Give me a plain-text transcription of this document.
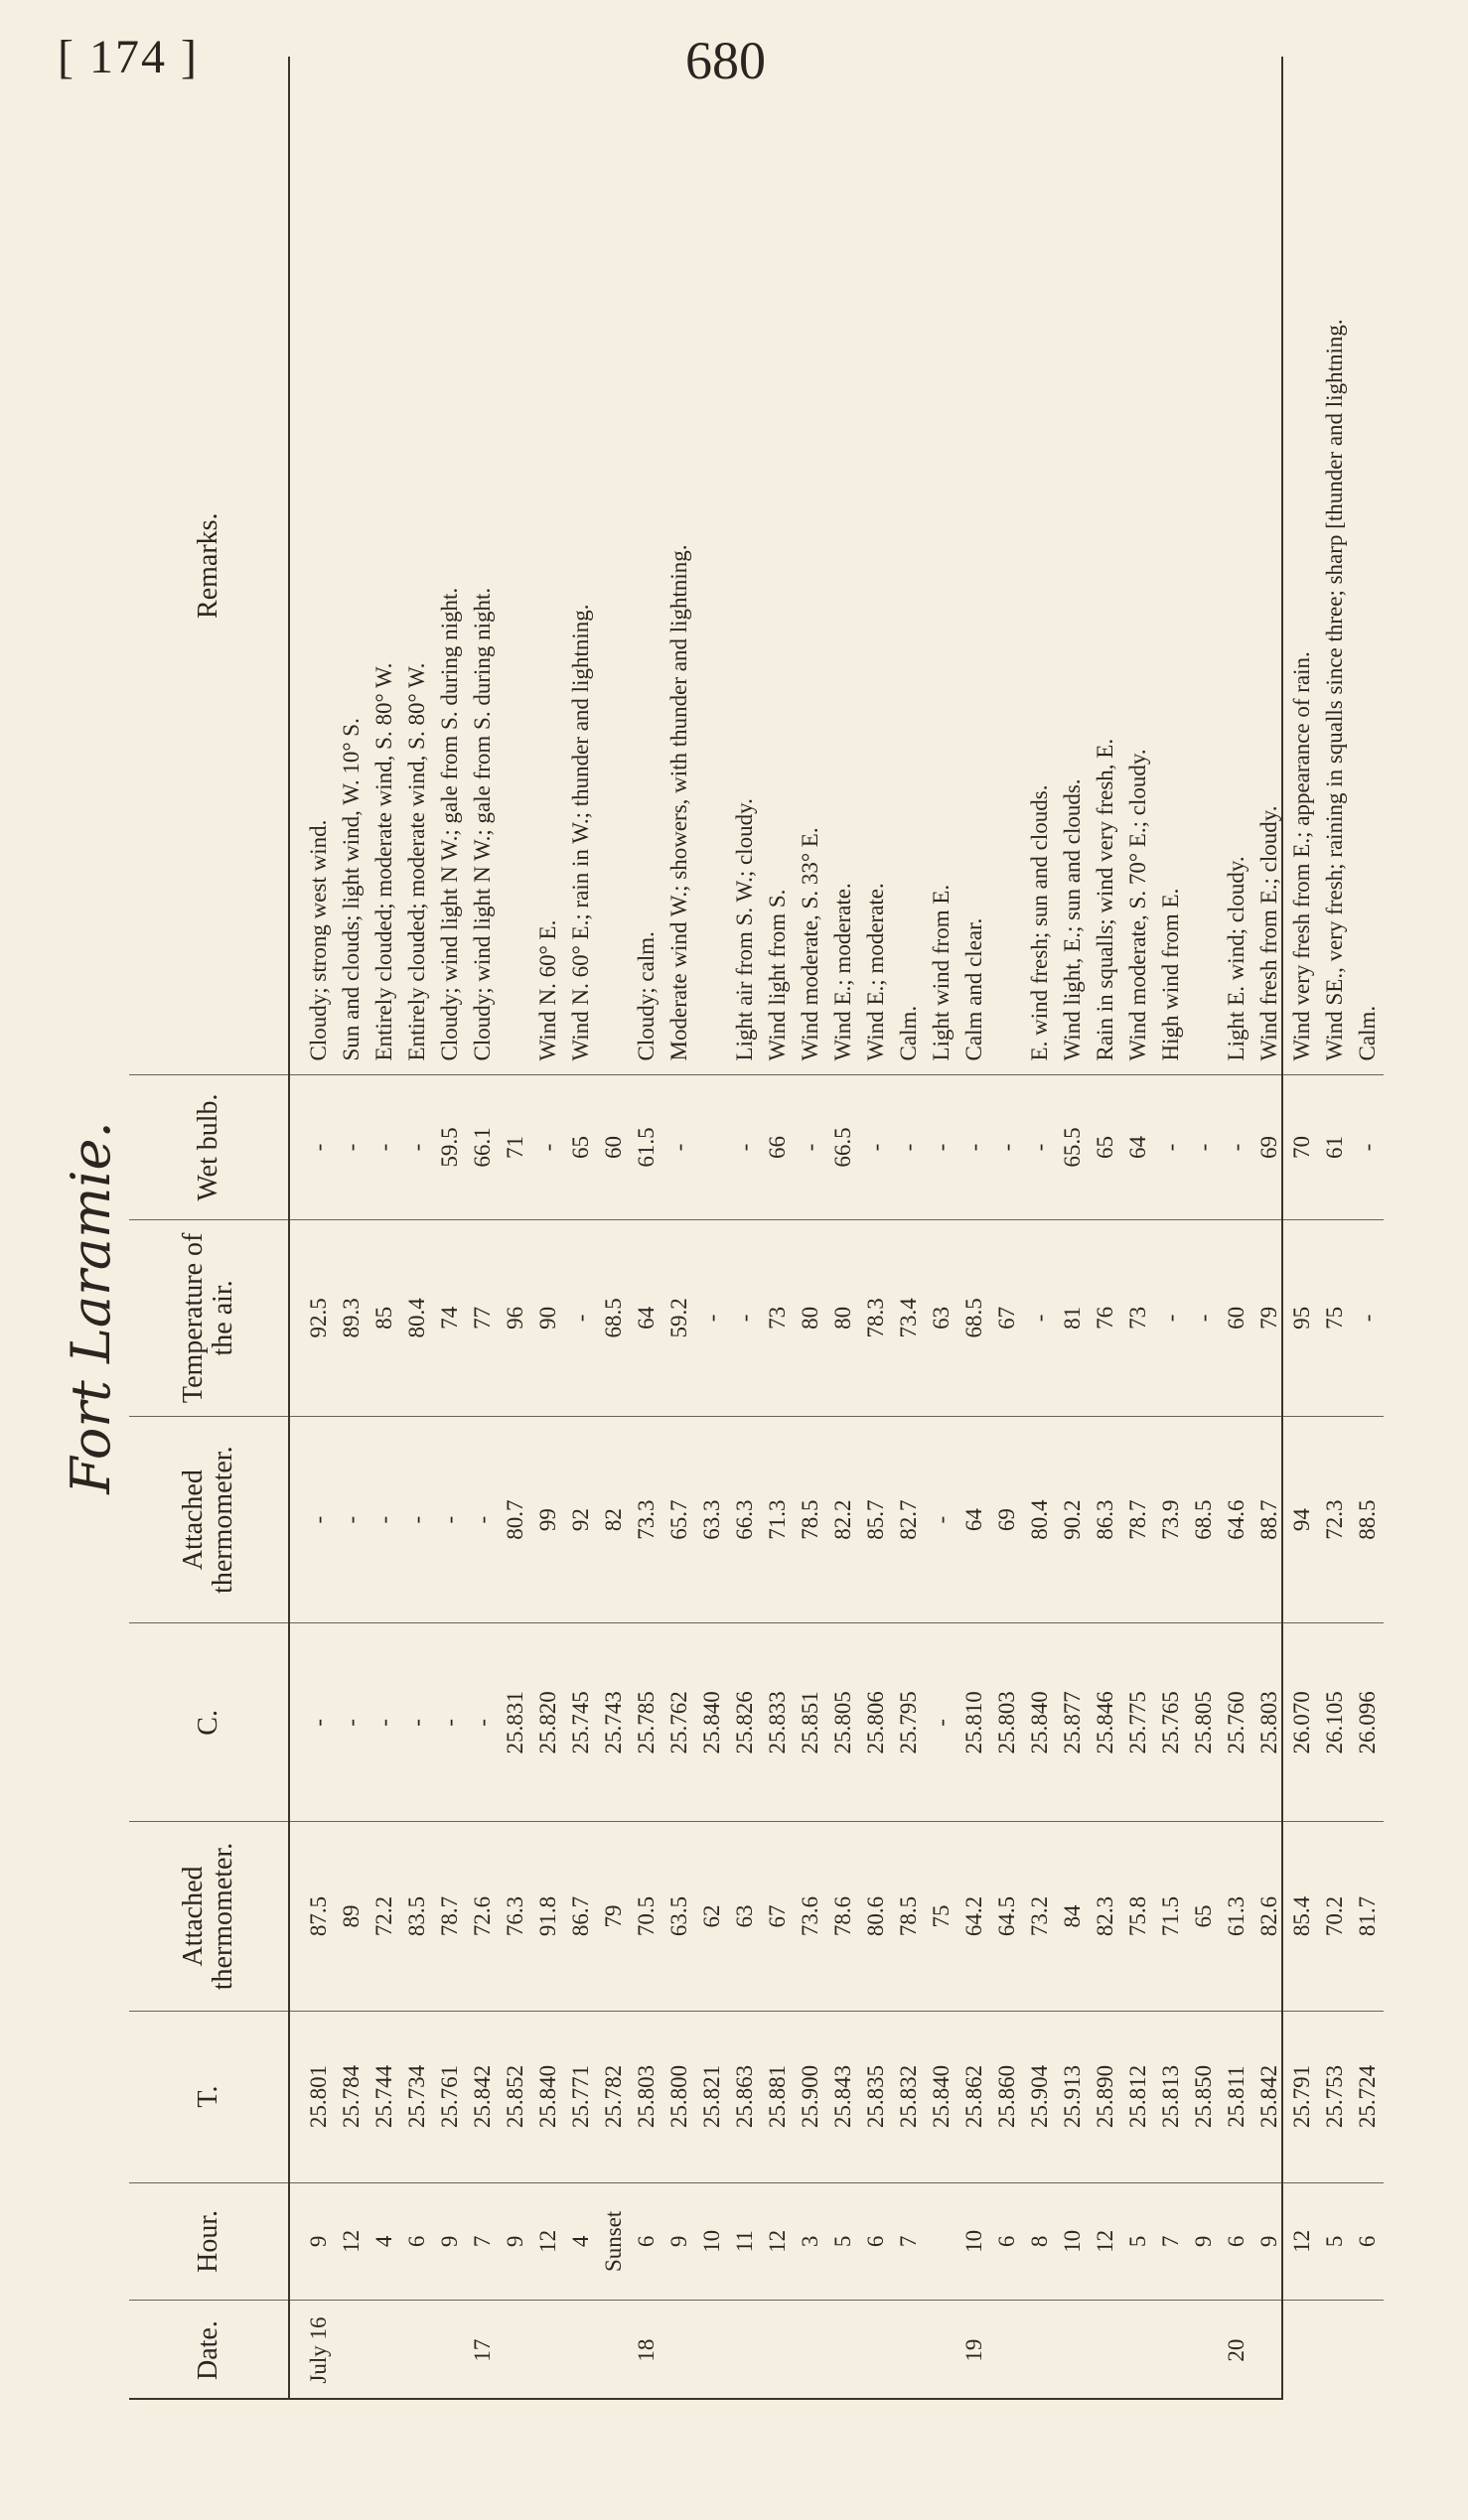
[ 174 ]	680
Fort Laramie.
Date.	Hour.	T.	Attached thermometer.	C.	Attached thermometer.	Temperature of the air.	Wet bulb.	Remarks.
July 16	9	25.801	87.5	-	-	92.5	-	Cloudy; strong west wind.
	12	25.784	89	-	-	89.3	-	Sun and clouds; light wind, W. 10° S.
	4	25.744	72.2	-	-	85	-	Entirely clouded; moderate wind, S. 80° W.
	6	25.734	83.5	-	-	80.4	-	Entirely clouded; moderate wind, S. 80° W.
	9	25.761	78.7	-	-	74	59.5	Cloudy; wind light N W.; gale from S. during night.
17	7	25.842	72.6	-	-	77	66.1	Cloudy; wind light N W.; gale from S. during night.
	9	25.852	76.3	25.831	80.7	96	71	
	12	25.840	91.8	25.820	99	90	-	Wind N. 60° E.
	4	25.771	86.7	25.745	92	-	65	Wind N. 60° E.; rain in W.; thunder and lightning.
	Sunset	25.782	79	25.743	82	68.5	60	
18	6	25.803	70.5	25.785	73.3	64	61.5	Cloudy; calm.
	9	25.800	63.5	25.762	65.7	59.2	-	Moderate wind W.; showers, with thunder and lightning.
	10	25.821	62	25.840	63.3	-		
	11	25.863	63	25.826	66.3	-	-	Light air from S. W.; cloudy.
	12	25.881	67	25.833	71.3	73	66	Wind light from S.
	3	25.900	73.6	25.851	78.5	80	-	Wind moderate, S. 33° E.
	5	25.843	78.6	25.805	82.2	80	66.5	Wind E.; moderate.
	6	25.835	80.6	25.806	85.7	78.3	-	Wind E.; moderate.
	7	25.832	78.5	25.795	82.7	73.4	-	Calm.
		25.840	75	-	-	63	-	Light wind from E.
19	10	25.862	64.2	25.810	64	68.5	-	Calm and clear.
	6	25.860	64.5	25.803	69	67	-	
	8	25.904	73.2	25.840	80.4	-	-	E. wind fresh; sun and clouds.
	10	25.913	84	25.877	90.2	81	65.5	Wind light, E.; sun and clouds.
	12	25.890	82.3	25.846	86.3	76	65	Rain in squalls; wind very fresh, E.
	5	25.812	75.8	25.775	78.7	73	64	Wind moderate, S. 70° E.; cloudy.
	7	25.813	71.5	25.765	73.9	-	-	High wind from E.
	9	25.850	65	25.805	68.5	-	-	
20	6	25.811	61.3	25.760	64.6	60	-	Light E. wind; cloudy.
	9	25.842	82.6	25.803	88.7	79	69	Wind fresh from E.; cloudy.
	12	25.791	85.4	26.070	94	95	70	Wind very fresh from E.; appearance of rain.
	5	25.753	70.2	26.105	72.3	75	61	Wind SE., very fresh; raining in squalls since three; sharp [thunder and lightning.
	6	25.724	81.7	26.096	88.5	-	-	Calm.
